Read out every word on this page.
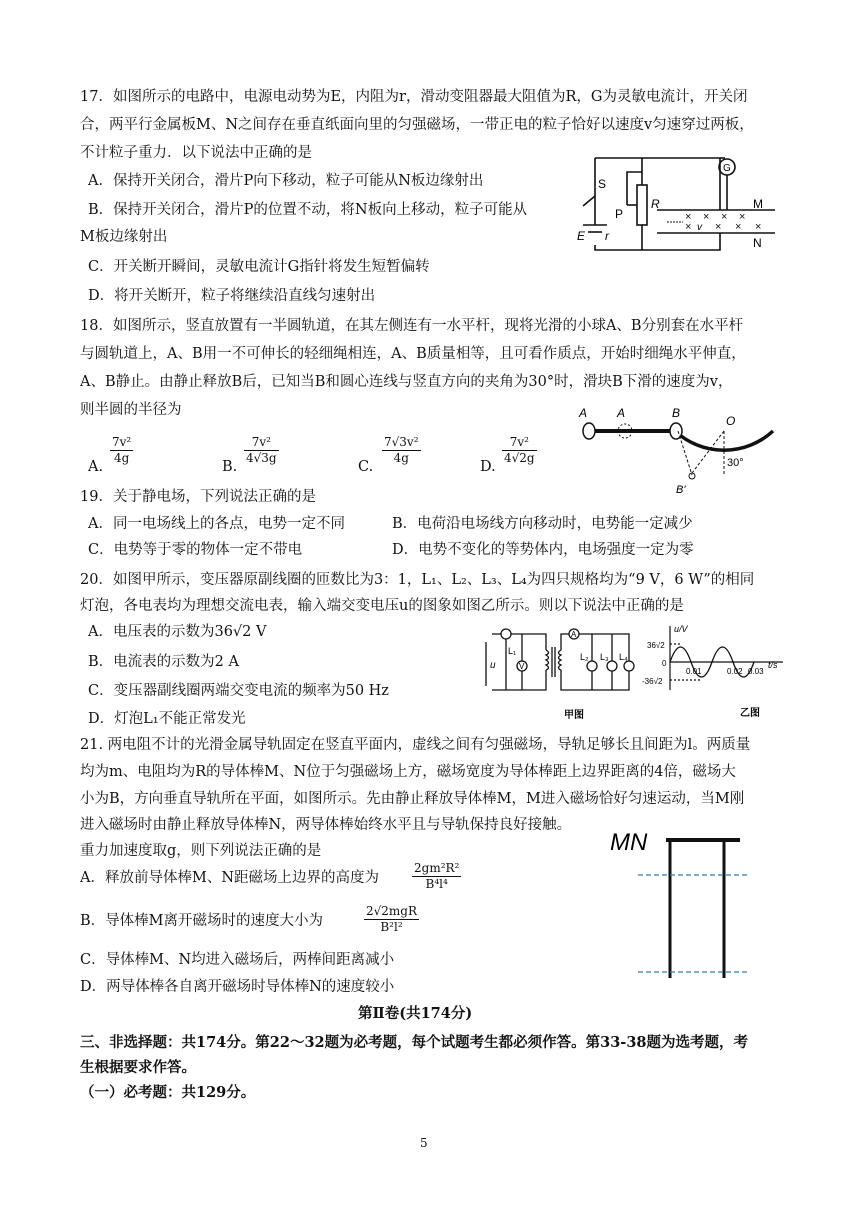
17．如图所示的电路中，电源电动势为E，内阻为r，滑动变阻器最大阻值为R，G为灵敏电流计，开关闭
合，两平行金属板M、N之间存在垂直纸面向里的匀强磁场，一带正电的粒子恰好以速度v匀速穿过两板，
不计粒子重力．以下说法中正确的是
A．保持开关闭合，滑片P向下移动，粒子可能从N板边缘射出
B．保持开关闭合，滑片P的位置不动，将N板向上移动，粒子可能从
M板边缘射出
C．开关断开瞬间，灵敏电流计G指针将发生短暂偏转
D．将开关断开，粒子将继续沿直线匀速射出
S
P
R
G
M
N
E r
× × × ×
× × × ×
v
18．如图所示，竖直放置有一半圆轨道，在其左侧连有一水平杆，现将光滑的小球A、B分别套在水平杆
与圆轨道上，A、B用一不可伸长的轻细绳相连，A、B质量相等，且可看作质点，开始时细绳水平伸直，
A、B静止。由静止释放B后，已知当B和圆心连线与竖直方向的夹角为30°时，滑块B下滑的速度为v，
则半圆的半径为
A.
$\frac{\text{7v²}}{4g}$
B.
$\frac{\text{7v²}}{4√3g}$
C.
$\frac{\text{7√3v²}}{4g}$
D.
$\frac{\text{7v²}}{4√2g}$
A A	B
O
B'
30°
19．关于静电场，下列说法正确的是
A．同一电场线上的各点，电势一定不同	B．电荷沿电场线方向移动时，电势能一定减少
C．电势等于零的物体一定不带电	D．电势不变化的等势体内，电场强度一定为零
20．如图甲所示，变压器原副线圈的匝数比为3：1，L₁、L₂、L₃、L₄为四只规格均为“9 V，6 W”的相同
灯泡，各电表均为理想交流电表，输入端交变电压u的图象如图乙所示。则以下说法中正确的是
A．电压表的示数为36√2 V
B．电流表的示数为2 A
C．变压器副线圈两端交变电流的频率为50 Hz
D．灯泡L₁不能正常发光
L₁
V
A
L₂ L₃ L₄
u
甲图
u/V
t/s
36√2
-36√2
0
0.01	0.02 0.03
乙图
21. 两电阻不计的光滑金属导轨固定在竖直平面内，虚线之间有匀强磁场，导轨足够长且间距为l。两质量
均为m、电阻均为R的导体棒M、N位于匀强磁场上方，磁场宽度为导体棒距上边界距离的4倍，磁场大
小为B，方向垂直导轨所在平面，如图所示。先由静止释放导体棒M，M进入磁场恰好匀速运动，当M刚
进入磁场时由静止释放导体棒N，两导体棒始终水平且与导轨保持良好接触。
重力加速度取g，则下列说法正确的是
A．释放前导体棒M、N距磁场上边界的高度为	$\frac{\text{2gm²R²}}{\text{B⁴l⁴}}$
B．导体棒M离开磁场时的速度大小为
2√2mgR
B²l²
C．导体棒M、N均进入磁场后，两棒间距离减小
D．两导体棒各自离开磁场时导体棒N的速度较小
MN
第Ⅱ卷(共174分)
三、非选择题：共174分。第22～32题为必考题，每个试题考生都必须作答。第33-38题为选考题，考
生根据要求作答。
（一）必考题：共129分。
5
